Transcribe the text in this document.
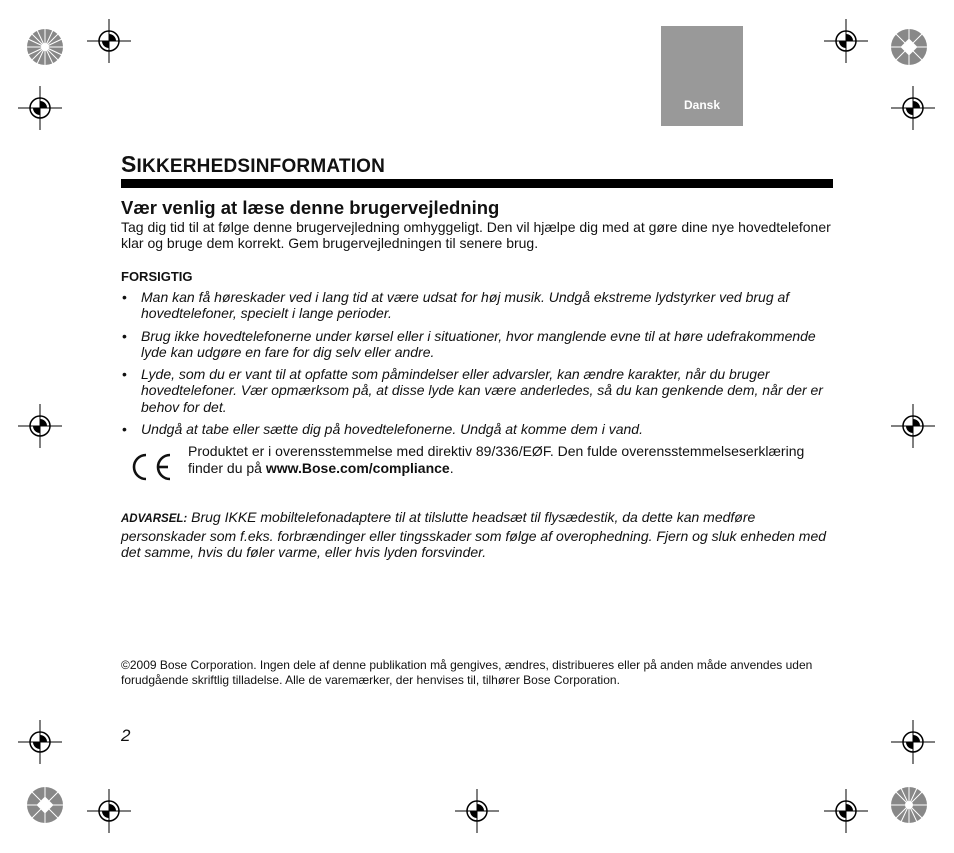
Dansk
SIKKERHEDSINFORMATION
Vær venlig at læse denne brugervejledning

Tag dig tid til at følge denne brugervejledning omhyggeligt. Den vil hjælpe dig med at gøre dine nye hovedtelefoner klar og bruge dem korrekt. Gem brugervejledningen til senere brug.

FORSIGTIG
• Man kan få høreskader ved i lang tid at være udsat for høj musik. Undgå ekstreme lydstyrker ved brug af hovedtelefoner, specielt i lange perioder.
• Brug ikke hovedtelefonerne under kørsel eller i situationer, hvor manglende evne til at høre udefrakommende lyde kan udgøre en fare for dig selv eller andre.
• Lyde, som du er vant til at opfatte som påmindelser eller advarsler, kan ændre karakter, når du bruger hovedtelefoner. Vær opmærksom på, at disse lyde kan være anderledes, så du kan genkende dem, når der er behov for det.
• Undgå at tabe eller sætte dig på hovedtelefonerne. Undgå at komme dem i vand.
Produktet er i overensstemmelse med direktiv 89/336/EØF. Den fulde overensstemmelseserklæring finder du på www.Bose.com/compliance.

ADVARSEL: Brug IKKE mobiltelefonadaptere til at tilslutte headsæt til flysædestik, da dette kan medføre personskader som f.eks. forbrændinger eller tingsskader som følge af overophedning. Fjern og sluk enheden med det samme, hvis du føler varme, eller hvis lyden forsvinder.

©2009 Bose Corporation. Ingen dele af denne publikation må gengives, ændres, distribueres eller på anden måde anvendes uden forudgående skriftlig tilladelse. Alle de varemærker, der henvises til, tilhører Bose Corporation.

2
